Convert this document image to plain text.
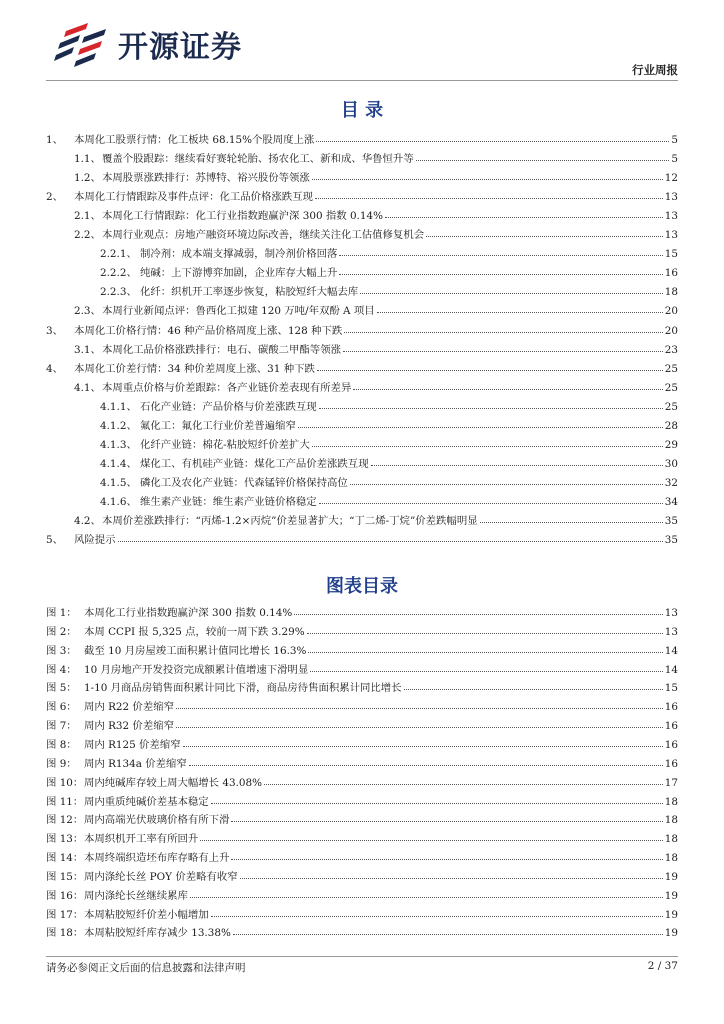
开源证券
行业周报
目 录
1、	本周化工股票行情：化工板块 68.15%个股周度上涨	5
1.1、 覆盖个股跟踪：继续看好赛轮轮胎、扬农化工、新和成、华鲁恒升等	5
1.2、 本周股票涨跌排行：苏博特、裕兴股份等领涨	12
2、	本周化工行情跟踪及事件点评：化工品价格涨跌互现	13
2.1、 本周化工行情跟踪：化工行业指数跑赢沪深 300 指数 0.14%	13
2.2、 本周行业观点：房地产融资环境边际改善，继续关注化工估值修复机会	13
2.2.1、 制冷剂：成本端支撑减弱，制冷剂价格回落	15
2.2.2、 纯碱：上下游博弈加剧，企业库存大幅上升	16
2.2.3、 化纤：织机开工率逐步恢复，粘胶短纤大幅去库	18
2.3、 本周行业新闻点评：鲁西化工拟建 120 万吨/年双酚 A 项目	20
3、	本周化工价格行情：46 种产品价格周度上涨、128 种下跌	20
3.1、 本周化工品价格涨跌排行：电石、碳酸二甲酯等领涨	23
4、	本周化工价差行情：34 种价差周度上涨、31 种下跌	25
4.1、 本周重点价格与价差跟踪：各产业链价差表现有所差异	25
4.1.1、 石化产业链：产品价格与价差涨跌互现	25
4.1.2、 氟化工：氟化工行业价差普遍缩窄	28
4.1.3、 化纤产业链：棉花-粘胶短纤价差扩大	29
4.1.4、 煤化工、有机硅产业链：煤化工产品价差涨跌互现	30
4.1.5、 磷化工及农化产业链：代森锰锌价格保持高位	32
4.1.6、 维生素产业链：维生素产业链价格稳定	34
4.2、 本周价差涨跌排行：“丙烯-1.2×丙烷”价差显著扩大；“丁二烯-丁烷”价差跌幅明显	35
5、	风险提示	35
图表目录
图 1： 本周化工行业指数跑赢沪深 300 指数 0.14%	13
图 2： 本周 CCPI 报 5,325 点，较前一周下跌 3.29%	13
图 3： 截至 10 月房屋竣工面积累计值同比增长 16.3%	14
图 4： 10 月房地产开发投资完成额累计值增速下滑明显	14
图 5： 1-10 月商品房销售面积累计同比下滑，商品房待售面积累计同比增长	15
图 6： 周内 R22 价差缩窄	16
图 7： 周内 R32 价差缩窄	16
图 8： 周内 R125 价差缩窄	16
图 9： 周内 R134a 价差缩窄	16
图 10： 周内纯碱库存较上周大幅增长 43.08%	17
图 11： 周内重质纯碱价差基本稳定	18
图 12： 周内高端光伏玻璃价格有所下滑	18
图 13： 本周织机开工率有所回升	18
图 14： 本周终端织造坯布库存略有上升	18
图 15： 周内涤纶长丝 POY 价差略有收窄	19
图 16： 周内涤纶长丝继续累库	19
图 17： 本周粘胶短纤价差小幅增加	19
图 18： 本周粘胶短纤库存减少 13.38%	19
请务必参阅正文后面的信息披露和法律声明	2 / 37
